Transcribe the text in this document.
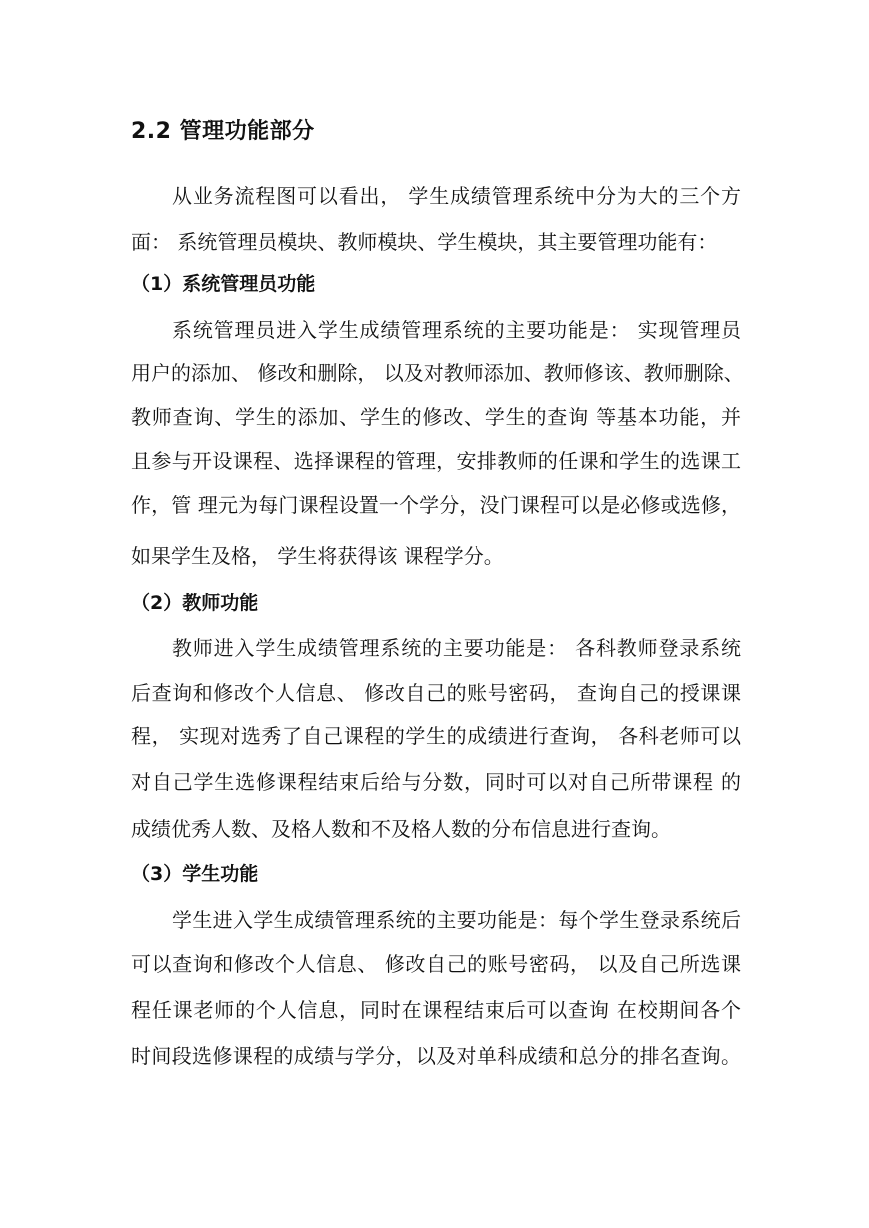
2.2 管理功能部分
从业务流程图可以看出， 学生成绩管理系统中分为大的三个方
面： 系统管理员模块、教师模块、学生模块，其主要管理功能有：
（1）系统管理员功能
系统管理员进入学生成绩管理系统的主要功能是： 实现管理员
用户的添加、 修改和删除， 以及对教师添加、教师修该、教师删除、
教师查询、学生的添加、学生的修改、学生的查询 等基本功能，并
且参与开设课程、选择课程的管理，安排教师的任课和学生的选课工
作，管 理元为每门课程设置一个学分，没门课程可以是必修或选修，
如果学生及格， 学生将获得该 课程学分。
（2）教师功能
教师进入学生成绩管理系统的主要功能是： 各科教师登录系统
后查询和修改个人信息、 修改自己的账号密码， 查询自己的授课课
程， 实现对选秀了自己课程的学生的成绩进行查询， 各科老师可以
对自己学生选修课程结束后给与分数，同时可以对自己所带课程 的
成绩优秀人数、及格人数和不及格人数的分布信息进行查询。
（3）学生功能
学生进入学生成绩管理系统的主要功能是：每个学生登录系统后
可以查询和修改个人信息、 修改自己的账号密码， 以及自己所选课
程任课老师的个人信息，同时在课程结束后可以查询 在校期间各个
时间段选修课程的成绩与学分，以及对单科成绩和总分的排名查询。
